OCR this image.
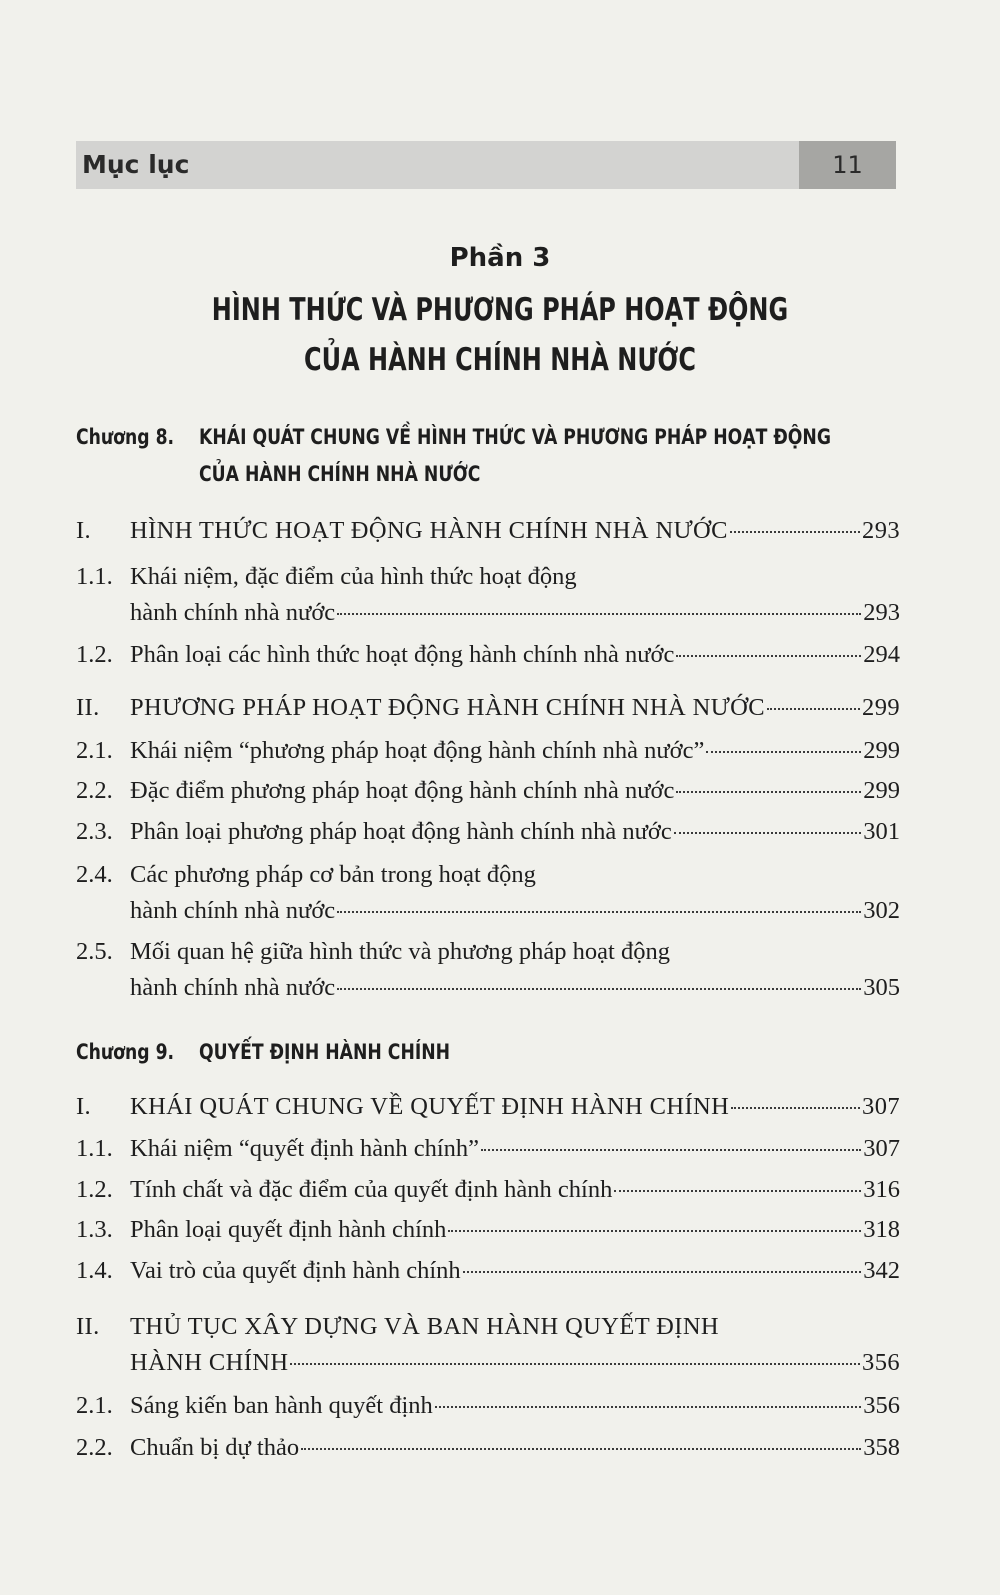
Mục lục	11
Phần 3
HÌNH THỨC VÀ PHƯƠNG PHÁP HOẠT ĐỘNG
CỦA HÀNH CHÍNH NHÀ NƯỚC
Chương 8. KHÁI QUÁT CHUNG VỀ HÌNH THỨC VÀ PHƯƠNG PHÁP HOẠT ĐỘNG
CỦA HÀNH CHÍNH NHÀ NƯỚC
I. HÌNH THỨC HOẠT ĐỘNG HÀNH CHÍNH NHÀ NƯỚC	293
1.1. Khái niệm, đặc điểm của hình thức hoạt động
hành chính nhà nước	293
1.2. Phân loại các hình thức hoạt động hành chính nhà nước	294
II. PHƯƠNG PHÁP HOẠT ĐỘNG HÀNH CHÍNH NHÀ NƯỚC	299
2.1. Khái niệm “phương pháp hoạt động hành chính nhà nước”	299
2.2. Đặc điểm phương pháp hoạt động hành chính nhà nước	299
2.3. Phân loại phương pháp hoạt động hành chính nhà nước	301
2.4. Các phương pháp cơ bản trong hoạt động
hành chính nhà nước	302
2.5. Mối quan hệ giữa hình thức và phương pháp hoạt động
hành chính nhà nước	305
I. KHÁI QUÁT CHUNG VỀ QUYẾT ĐỊNH HÀNH CHÍNH	307
1.1. Khái niệm “quyết định hành chính”	307
1.2. Tính chất và đặc điểm của quyết định hành chính	316
1.3. Phân loại quyết định hành chính	318
1.4. Vai trò của quyết định hành chính	342
II. THỦ TỤC XÂY DỰNG VÀ BAN HÀNH QUYẾT ĐỊNH
HÀNH CHÍNH	356
2.1. Sáng kiến ban hành quyết định	356
2.2. Chuẩn bị dự thảo	358
Chương 9. QUYẾT ĐỊNH HÀNH CHÍNH
